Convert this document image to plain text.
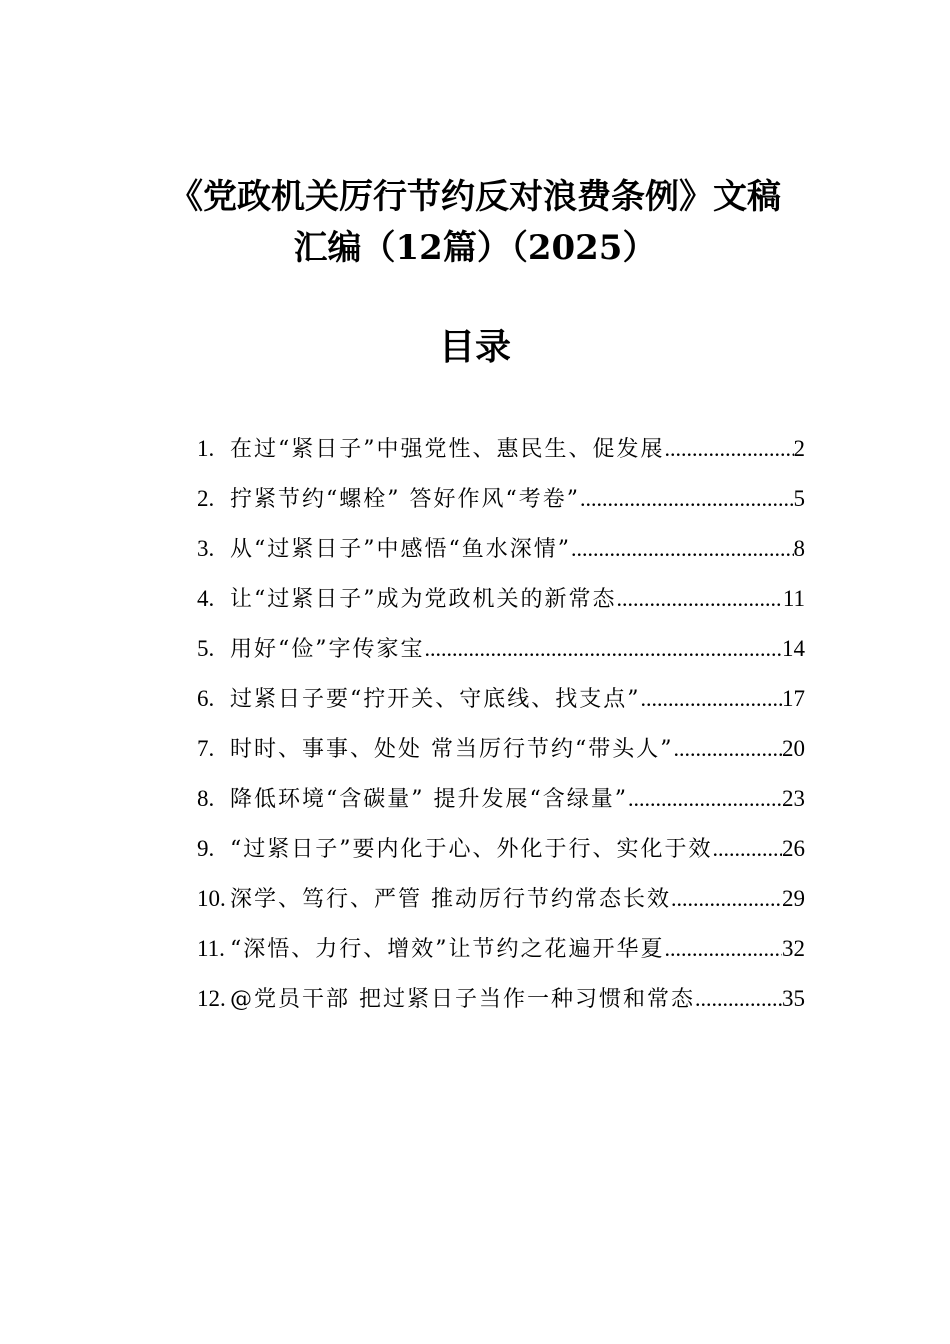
《党政机关厉行节约反对浪费条例》文稿
汇编（12篇）（2025）
目录
1. 在过“紧日子”中强党性、惠民生、促发展 .....	2
2. 拧紧节约“螺栓” 答好作风“考卷” .....	5
3. 从“过紧日子”中感悟“鱼水深情” .....	8
4. 让“过紧日子”成为党政机关的新常态 .....	11
5. 用好“俭”字传家宝 .....	14
6. 过紧日子要“拧开关、守底线、找支点” .....	17
7. 时时、事事、处处 常当厉行节约“带头人” .....	20
8. 降低环境“含碳量” 提升发展“含绿量” .....	23
9. “过紧日子”要内化于心、外化于行、实化于效 .....	26
10. 深学、笃行、严管 推动厉行节约常态长效 .....	29
11. “深悟、力行、增效”让节约之花遍开华夏 .....	32
12. @党员干部 把过紧日子当作一种习惯和常态 .....	35
